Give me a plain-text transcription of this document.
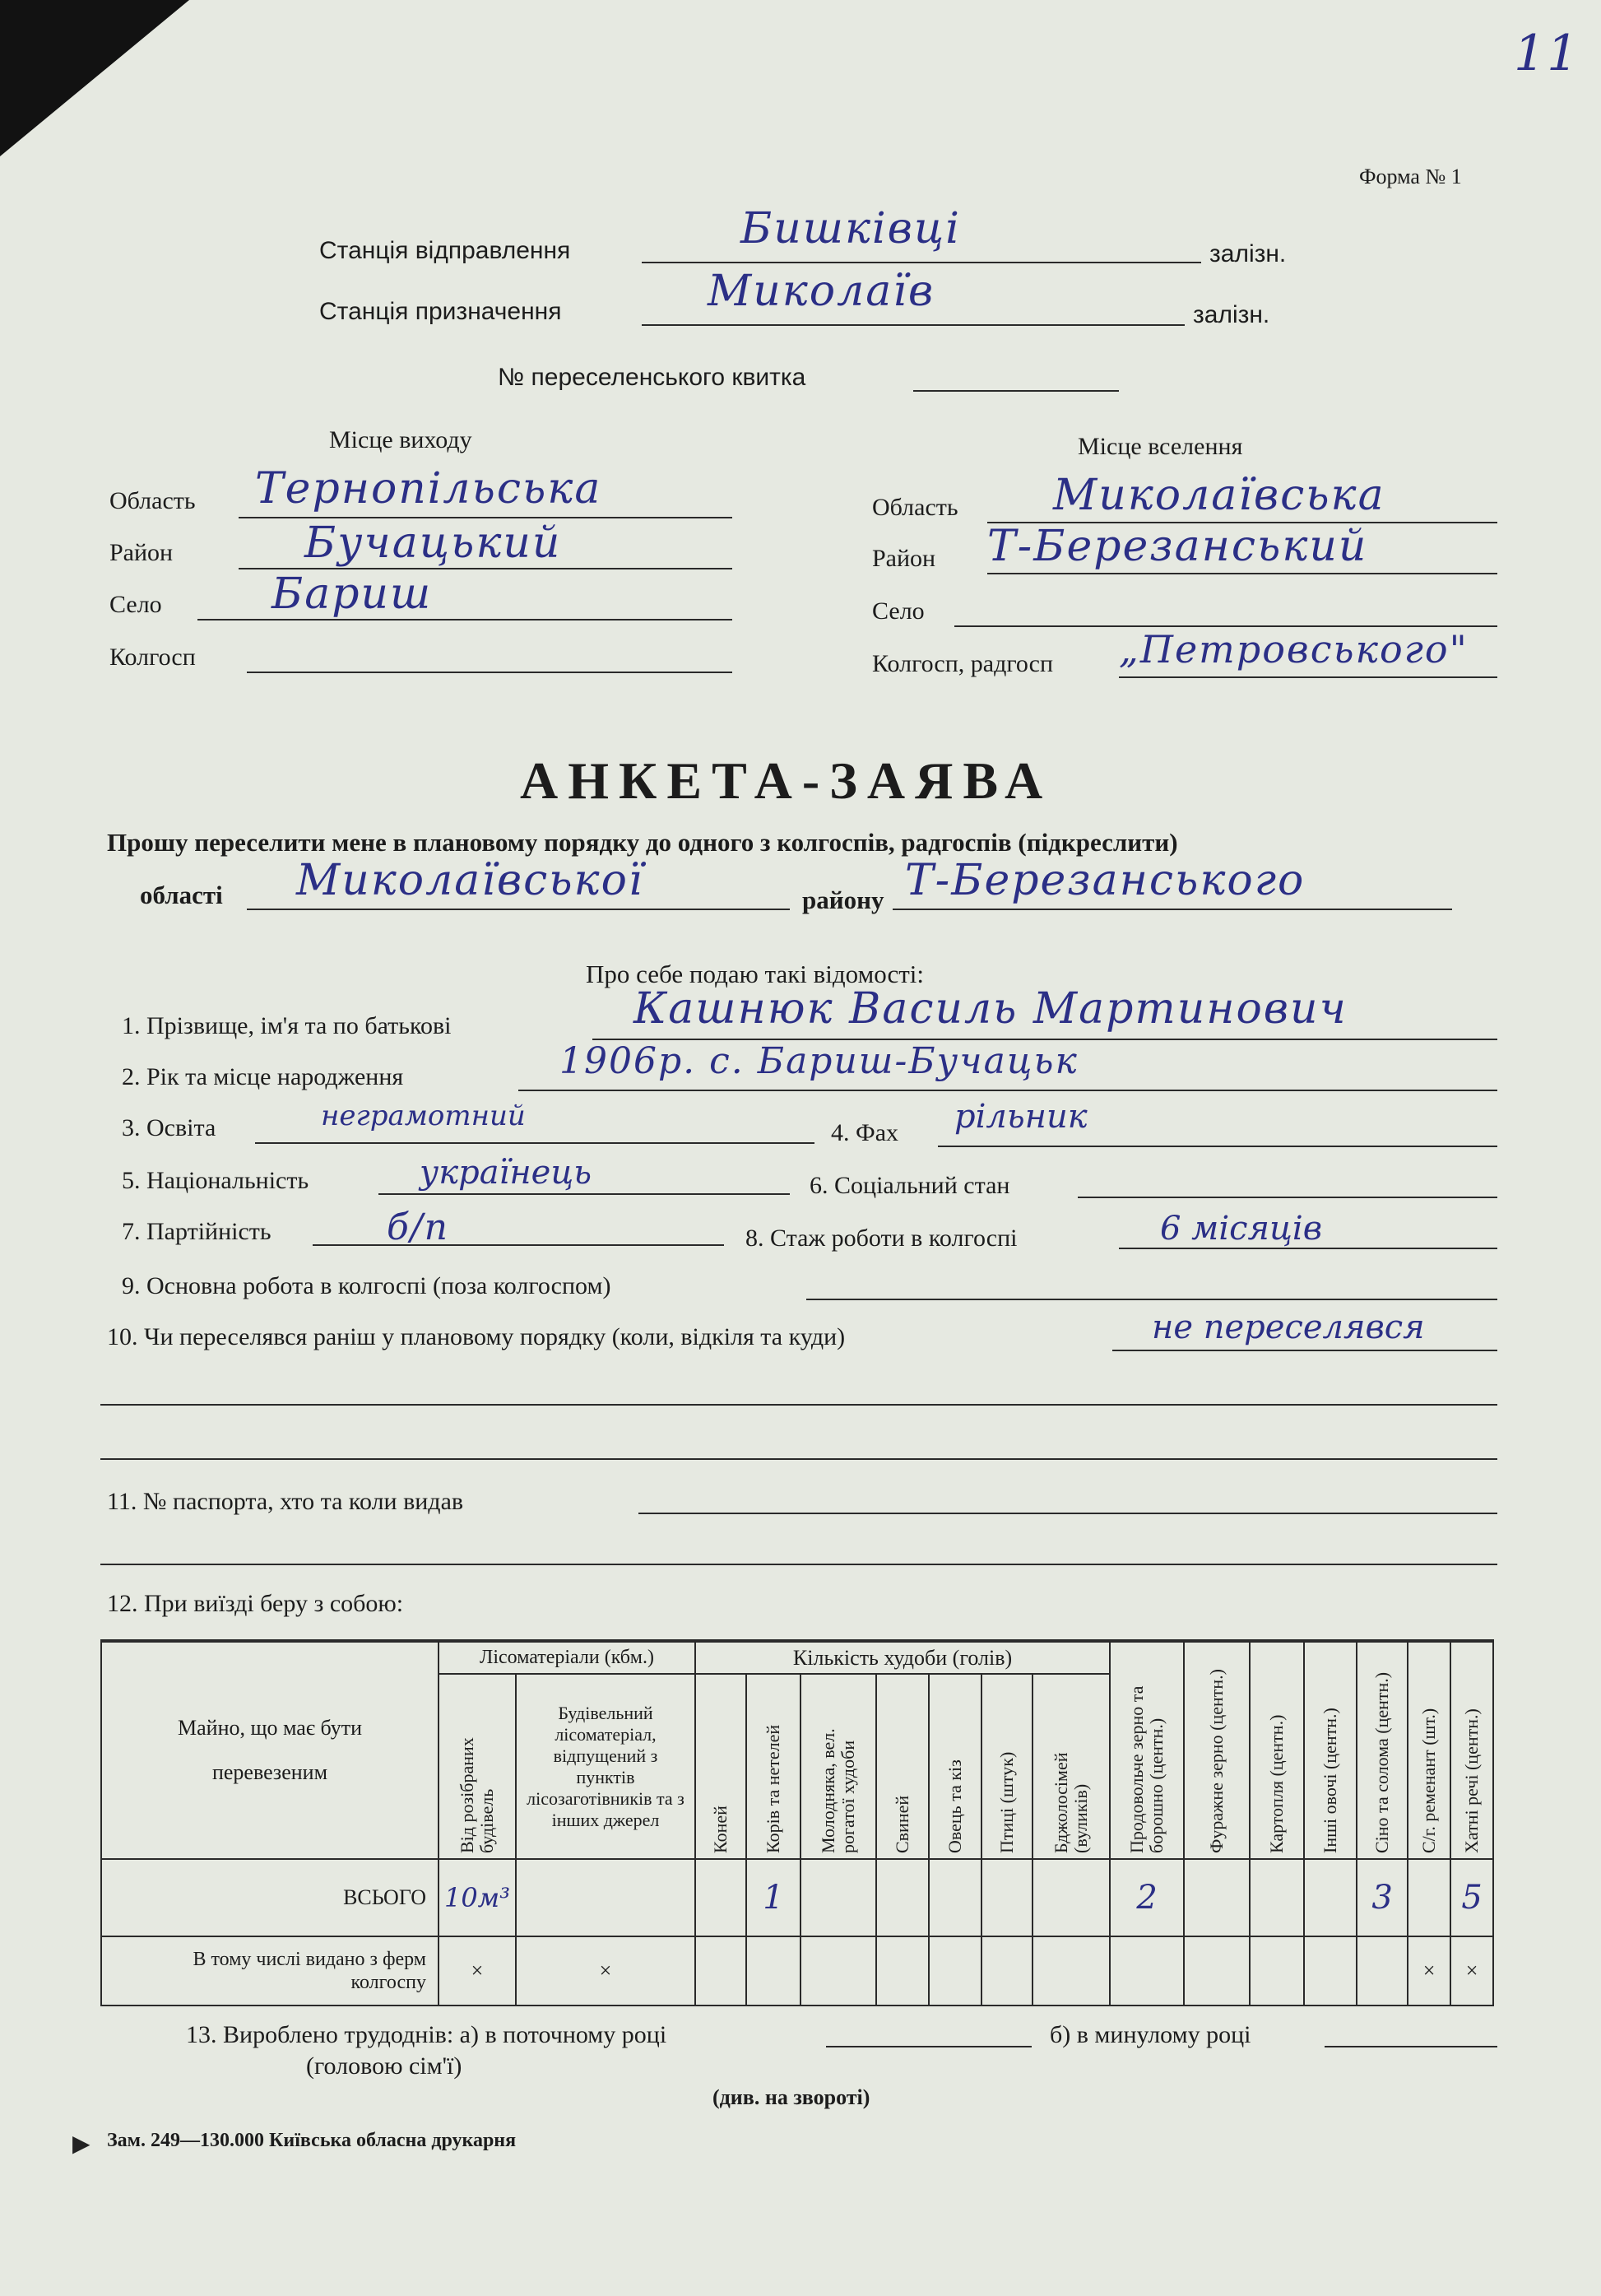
11
Форма № 1
Станція відправлення	Бишківці
залізн.
Станція призначення	Миколаїв	залізн.
№ переселенського квитка
Місце виходу
Область Тернопільська
Район	Бучацький
Село	Бариш
Колгосп
Місце вселення
Область Миколаївська
Район Т-Березанський
Село
Колгосп, радгосп „Петровського"
АНКЕТА-ЗАЯВА
Прошу переселити мене в плановому порядку до одного з колгоспів, радгоспів (підкреслити)
області Миколаївської	району Т-Березанського
Про себе подаю такі відомості:
1. Прізвище, ім'я та по батькові	Кашнюк Василь Мартинович
2. Рік та місце народження	1906р. с. Бариш-Бучацьк
3. Освіта	неграмотний
4. Фах рільник
5. Національність	українець	6. Соціальний стан
7. Партійність	б/п	8. Стаж роботи в колгоспі	6 місяців
9. Основна робота в колгоспі (поза колгоспом)
10. Чи переселявся раніш у плановому порядку (коли, відкіля та куди)	не переселявся
11. № паспорта, хто та коли видав
12. При виїзді беру з собою:
Майно, що має бути перевезеним	Лісоматеріали (кбм.)		Кількість худоби (голів)							Продовольче зерно та борошно (центн.)	Фуражне зерно (центн.)	Картопля (центн.)	Інші овочі (центн.)	Сіно та солома (центн.)	С/г. ременант (шт.)	Хатні речі (центн.)

	Від розібраних будівель	Будівельний лісоматеріал, відпущений з пунктів лісозаготівників та з інших джерел	Коней	Корів та нетелей	Молодняка, вел. рогатої худоби	Свиней	Овець та кіз	Птиці (штук)	Бджолосімей (вуликів)							

ВСЬОГО	10м³			1						2				3		5
В тому числі видано з ферм колгоспу	×	×													×	×
13. Вироблено трудоднів: а) в поточному році	б) в минулому році
(головою сім'ї)
(див. на звороті)
▶ Зам. 249—130.000 Київська обласна друкарня
